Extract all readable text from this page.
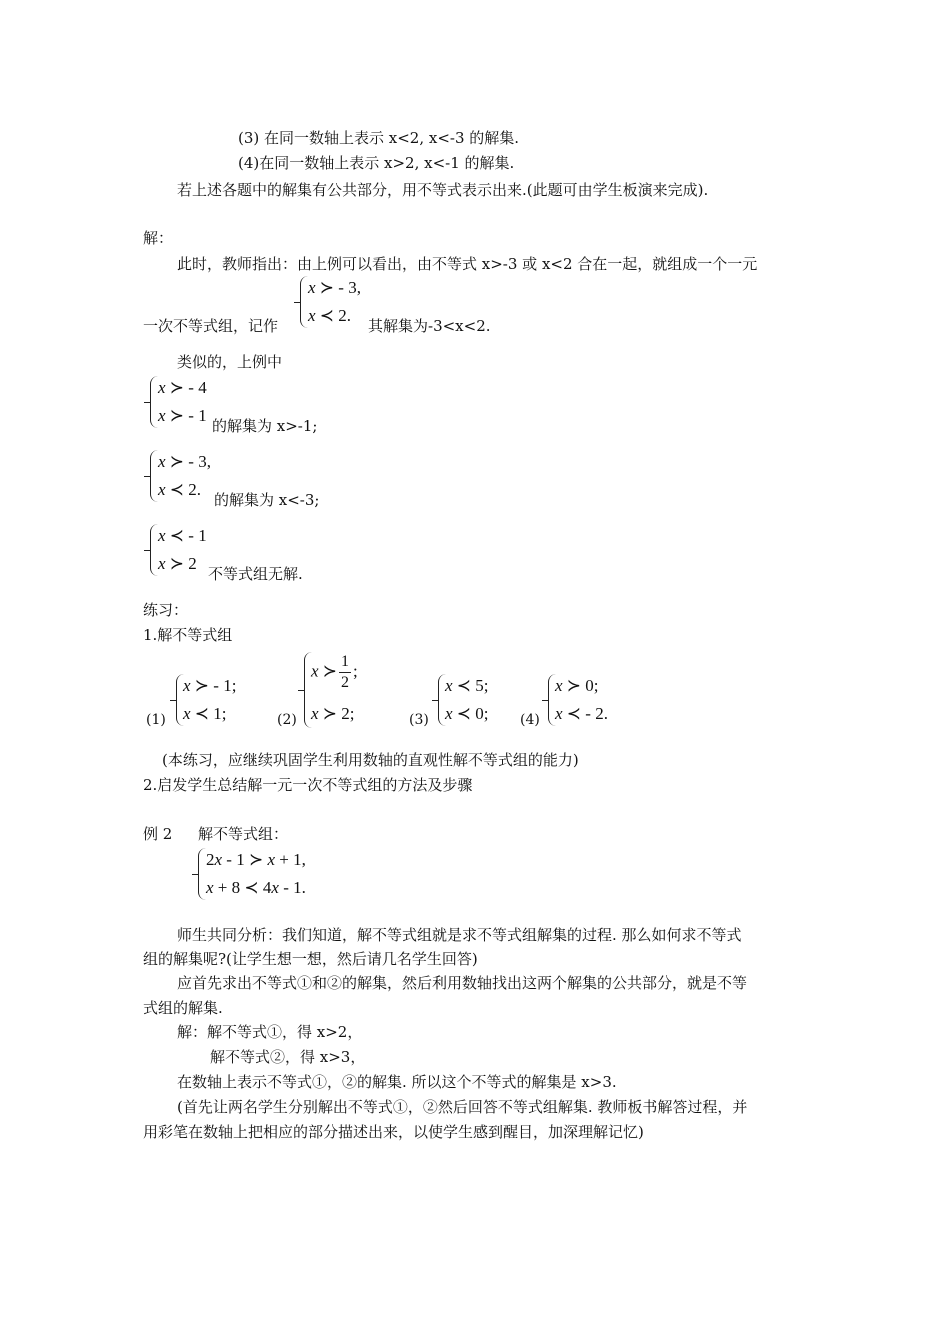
(3) 在同一数轴上表示 x<2, x<-3 的解集.
(4)在同一数轴上表示 x>2, x<-1 的解集.
若上述各题中的解集有公共部分，用不等式表示出来.(此题可由学生板演来完成).
解：
此时，教师指出：由上例可以看出，由不等式 x>-3 或 x<2 合在一起，就组成一个一元
一次不等式组，记作
x ≻ - 3,
x ≺ 2.
其解集为-3<x<2.
类似的，上例中
x ≻ - 4
x ≻ - 1
的解集为 x>-1;
x ≻ - 3,
x ≺ 2.
的解集为 x<-3;
x ≺ - 1
x ≻ 2
不等式组无解.
练习：
1.解不等式组
(1)
x ≻ - 1;
x ≺ 1;	(2)
x ≻ $\frac{1}{2}$ ;
x ≻ 2;	(3)
x ≺ 5;
x ≺ 0; (4)
x ≻ 0;
x ≺ - 2.
(本练习，应继续巩固学生利用数轴的直观性解不等式组的能力)
2.启发学生总结解一元一次不等式组的方法及步骤
例 2 解不等式组：
2x - 1 ≻ x + 1,
x + 8 ≺ 4x - 1.
师生共同分析：我们知道，解不等式组就是求不等式组解集的过程. 那么如何求不等式
组的解集呢?(让学生想一想，然后请几名学生回答)
应首先求出不等式①和②的解集，然后利用数轴找出这两个解集的公共部分，就是不等
式组的解集.
解：解不等式①，得 x>2，
解不等式②，得 x>3，
在数轴上表示不等式①，②的解集. 所以这个不等式的解集是 x>3.
(首先让两名学生分别解出不等式①，②然后回答不等式组解集. 教师板书解答过程，并
用彩笔在数轴上把相应的部分描述出来，以使学生感到醒目，加深理解记忆)
